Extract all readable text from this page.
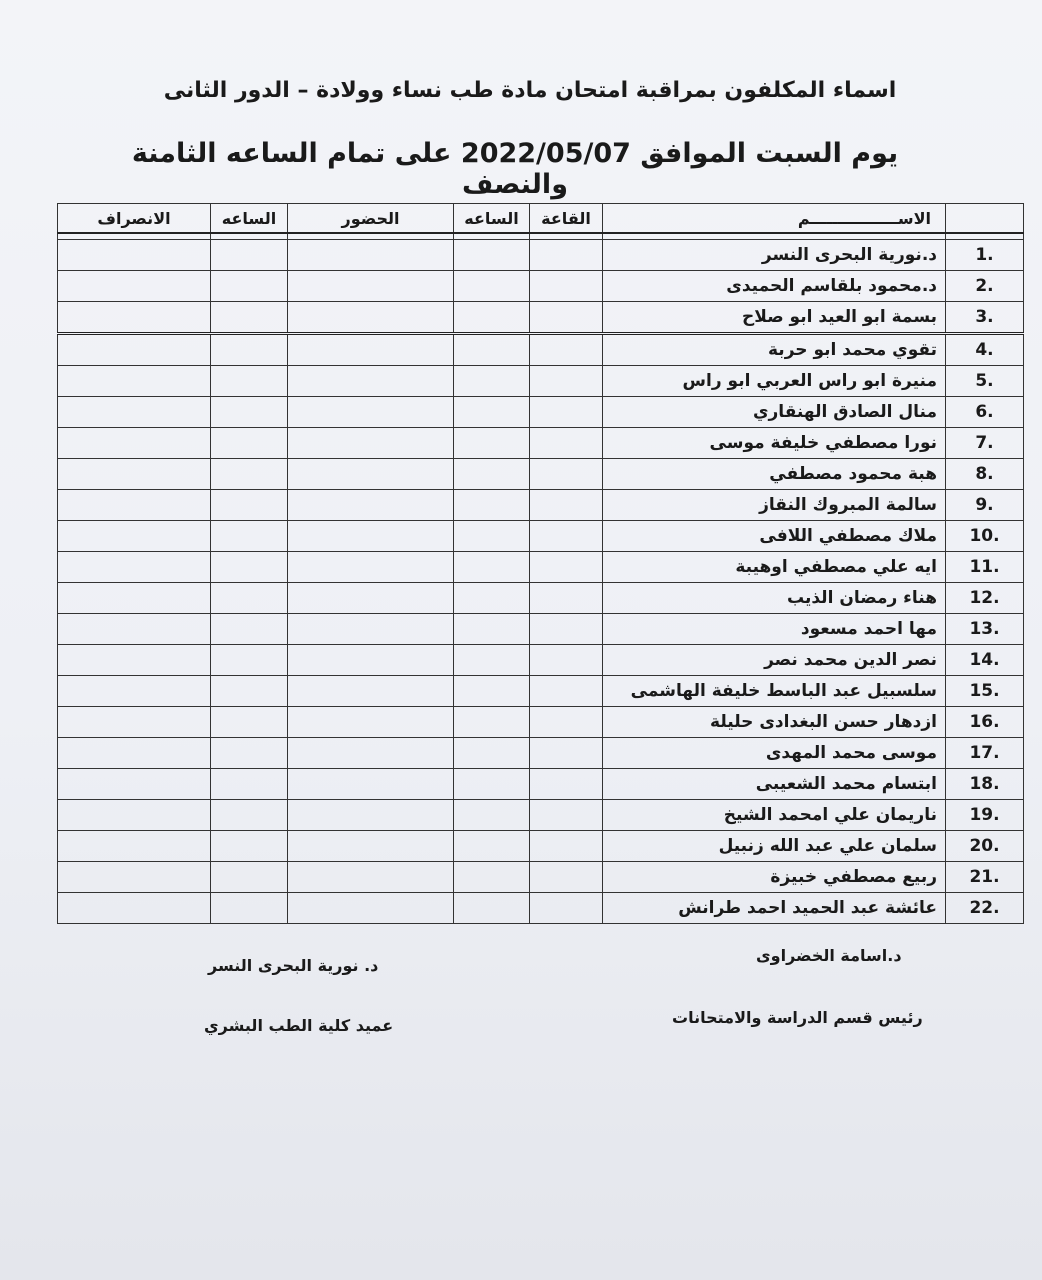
اسماء المكلفون بمراقبة امتحان مادة طب نساء وولادة – الدور الثانى
يوم السبت الموافق 2022/05/07 على تمام الساعه الثامنة والنصف
	الاســــــــــــــــم	القاعة	الساعه	الحضور	الساعه	الانصراف

1.	د.نورية البحرى النسر					
2.	د.محمود بلقاسم الحميدى					
3.	بسمة ابو العيد ابو صلاح					
4.	تقوي محمد ابو حربة					
5.	منيرة ابو راس العربي ابو راس					
6.	منال الصادق الهنقاري					
7.	نورا مصطفي خليفة موسى					
8.	هبة محمود مصطفي					
9.	سالمة المبروك النقاز					
10.	ملاك مصطفي اللافى					
11.	ايه علي مصطفي اوهيبة					
12.	هناء رمضان الذيب					
13.	مها احمد مسعود					
14.	نصر الدين محمد نصر					
15.	سلسبيل عبد الباسط خليفة الهاشمى					
16.	ازدهار حسن البغدادى حليلة					
17.	موسى محمد المهدى					
18.	ابتسام محمد الشعيبى					
19.	ناريمان علي امحمد الشيخ					
20.	سلمان علي عبد الله زنبيل					
21.	ربيع مصطفي خبيزة					
22.	عائشة عبد الحميد احمد طرانش					
د. نورية البحرى النسر
عميد كلية الطب البشري
د.اسامة الخضراوى
رئيس قسم الدراسة والامتحانات
